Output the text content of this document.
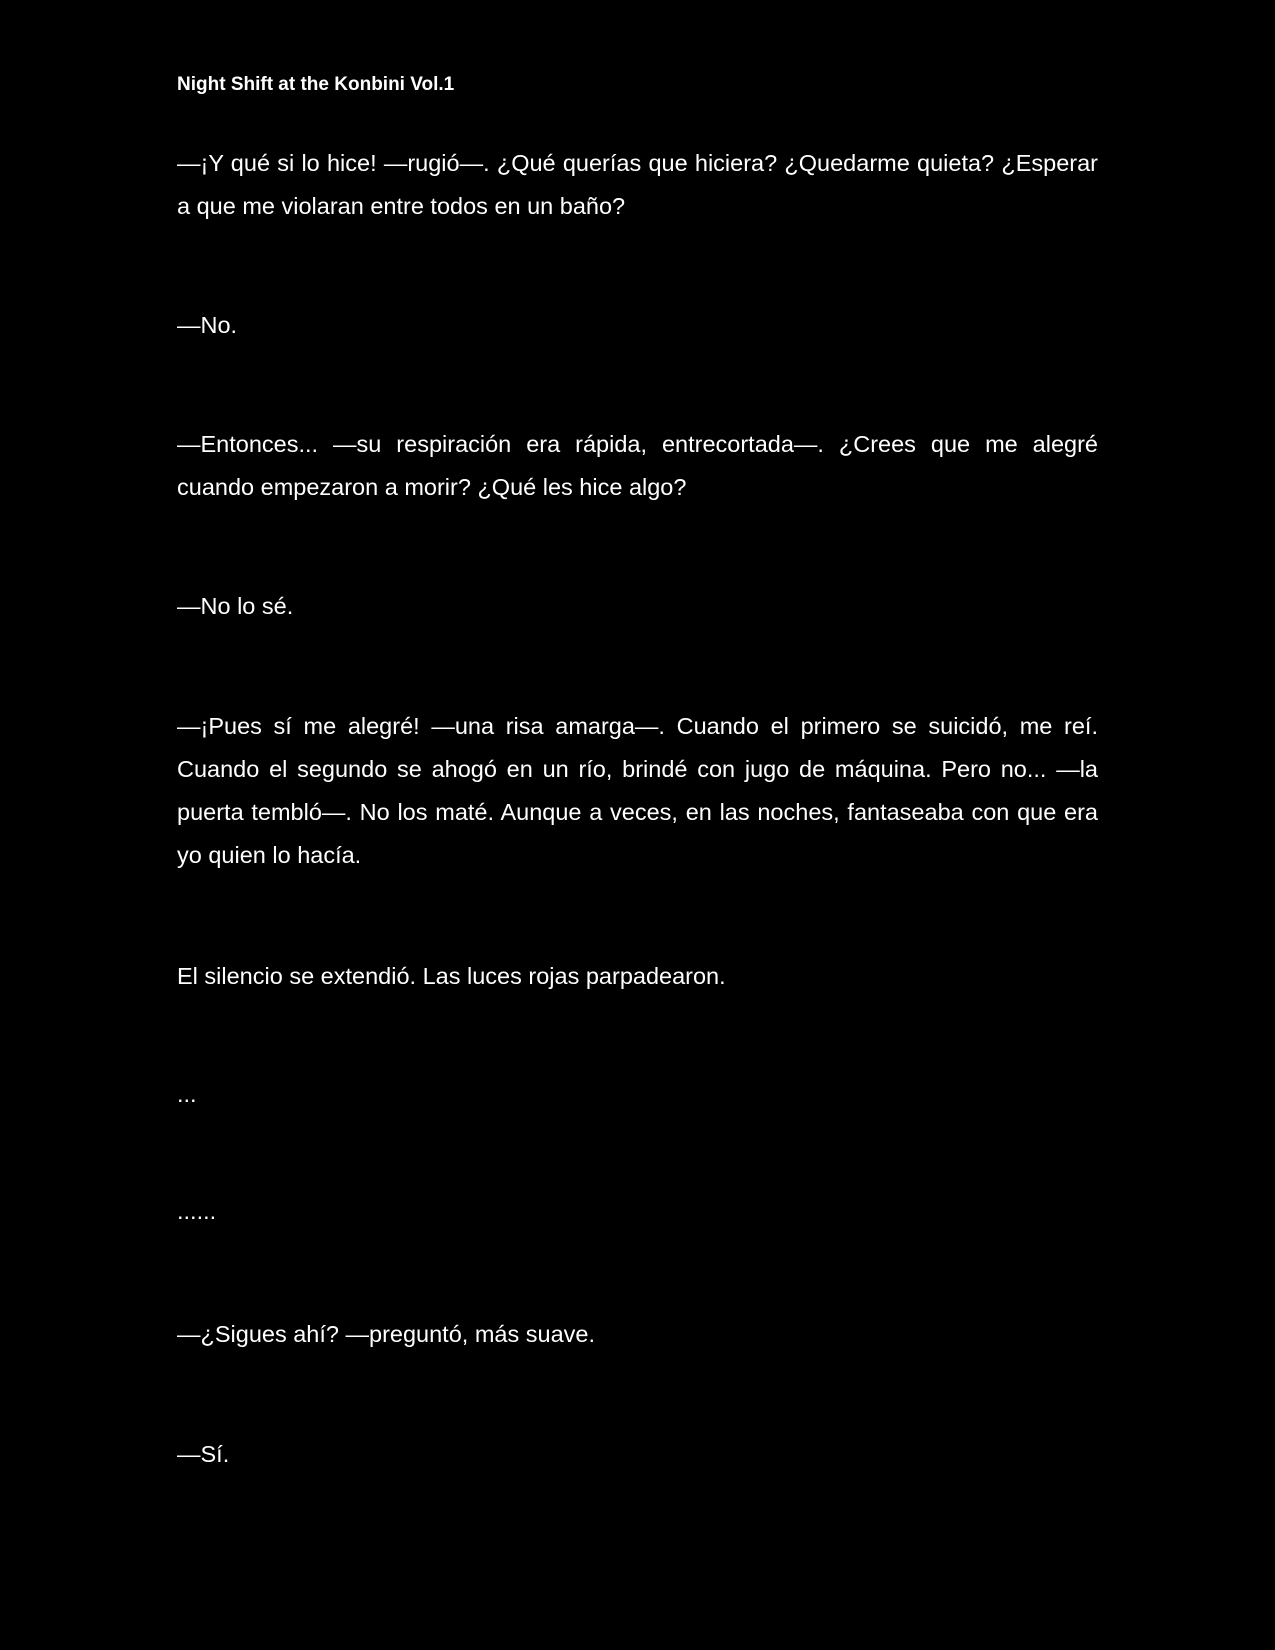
Night Shift at the Konbini Vol.1

—¡Y qué si lo hice! —rugió—. ¿Qué querías que hiciera? ¿Quedarme quieta? ¿Esperar a que me violaran entre todos en un baño?

—No.

—Entonces... —su respiración era rápida, entrecortada—. ¿Crees que me alegré cuando empezaron a morir? ¿Qué les hice algo?

—No lo sé.

—¡Pues sí me alegré! —una risa amarga—. Cuando el primero se suicidó, me reí. Cuando el segundo se ahogó en un río, brindé con jugo de máquina. Pero no... —la puerta tembló—. No los maté. Aunque a veces, en las noches, fantaseaba con que era yo quien lo hacía.

El silencio se extendió. Las luces rojas parpadearon.

...

......

—¿Sigues ahí? —preguntó, más suave.

—Sí.
